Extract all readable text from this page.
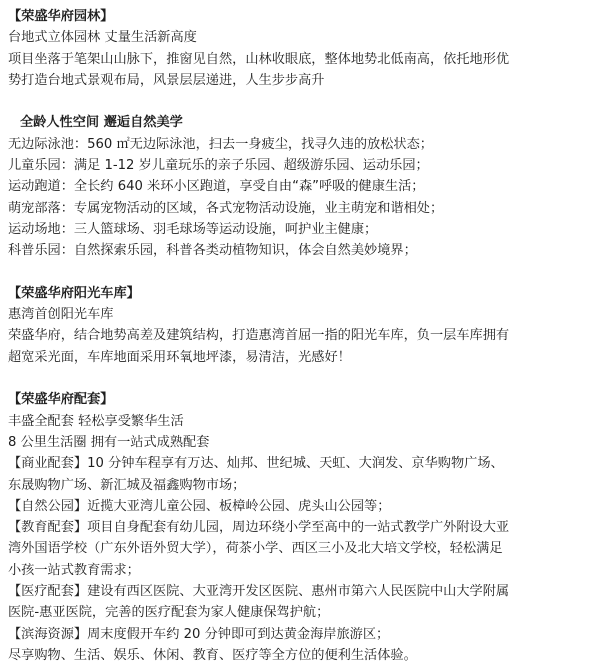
【荣盛华府园林】
台地式立体园林 丈量生活新高度
项目坐落于笔架山山脉下，推窗见自然，山林收眼底，整体地势北低南高，依托地形优
势打造台地式景观布局，风景层层递进，人生步步高升
全龄人性空间 邂逅自然美学
无边际泳池：560 ㎡无边际泳池，扫去一身疲尘，找寻久违的放松状态；
儿童乐园：满足 1-12 岁儿童玩乐的亲子乐园、超级游乐园、运动乐园；
运动跑道：全长约 640 米环小区跑道，享受自由“森”呼吸的健康生活；
萌宠部落：专属宠物活动的区域，各式宠物活动设施，业主萌宠和谐相处；
运动场地：三人篮球场、羽毛球场等运动设施，呵护业主健康；
科普乐园：自然探索乐园，科普各类动植物知识，体会自然美妙境界；
【荣盛华府阳光车库】
惠湾首创阳光车库
荣盛华府，结合地势高差及建筑结构，打造惠湾首屈一指的阳光车库，负一层车库拥有
超宽采光面，车库地面采用环氧地坪漆，易清洁，光感好！
【荣盛华府配套】
丰盛全配套 轻松享受繁华生活
8 公里生活圈 拥有一站式成熟配套
【商业配套】10 分钟车程享有万达、灿邦、世纪城、天虹、大润发、京华购物广场、
东晟购物广场、新汇城及福鑫购物市场；
【自然公园】近揽大亚湾儿童公园、板樟岭公园、虎头山公园等；
【教育配套】项目自身配套有幼儿园，周边环绕小学至高中的一站式教学广外附设大亚
湾外国语学校（广东外语外贸大学），荷茶小学、西区三小及北大培文学校，轻松满足
小孩一站式教育需求；
【医疗配套】建设有西区医院、大亚湾开发区医院、惠州市第六人民医院中山大学附属
医院-惠亚医院，完善的医疗配套为家人健康保驾护航；
【滨海资源】周末度假开车约 20 分钟即可到达黄金海岸旅游区；
尽享购物、生活、娱乐、休闲、教育、医疗等全方位的便利生活体验。
